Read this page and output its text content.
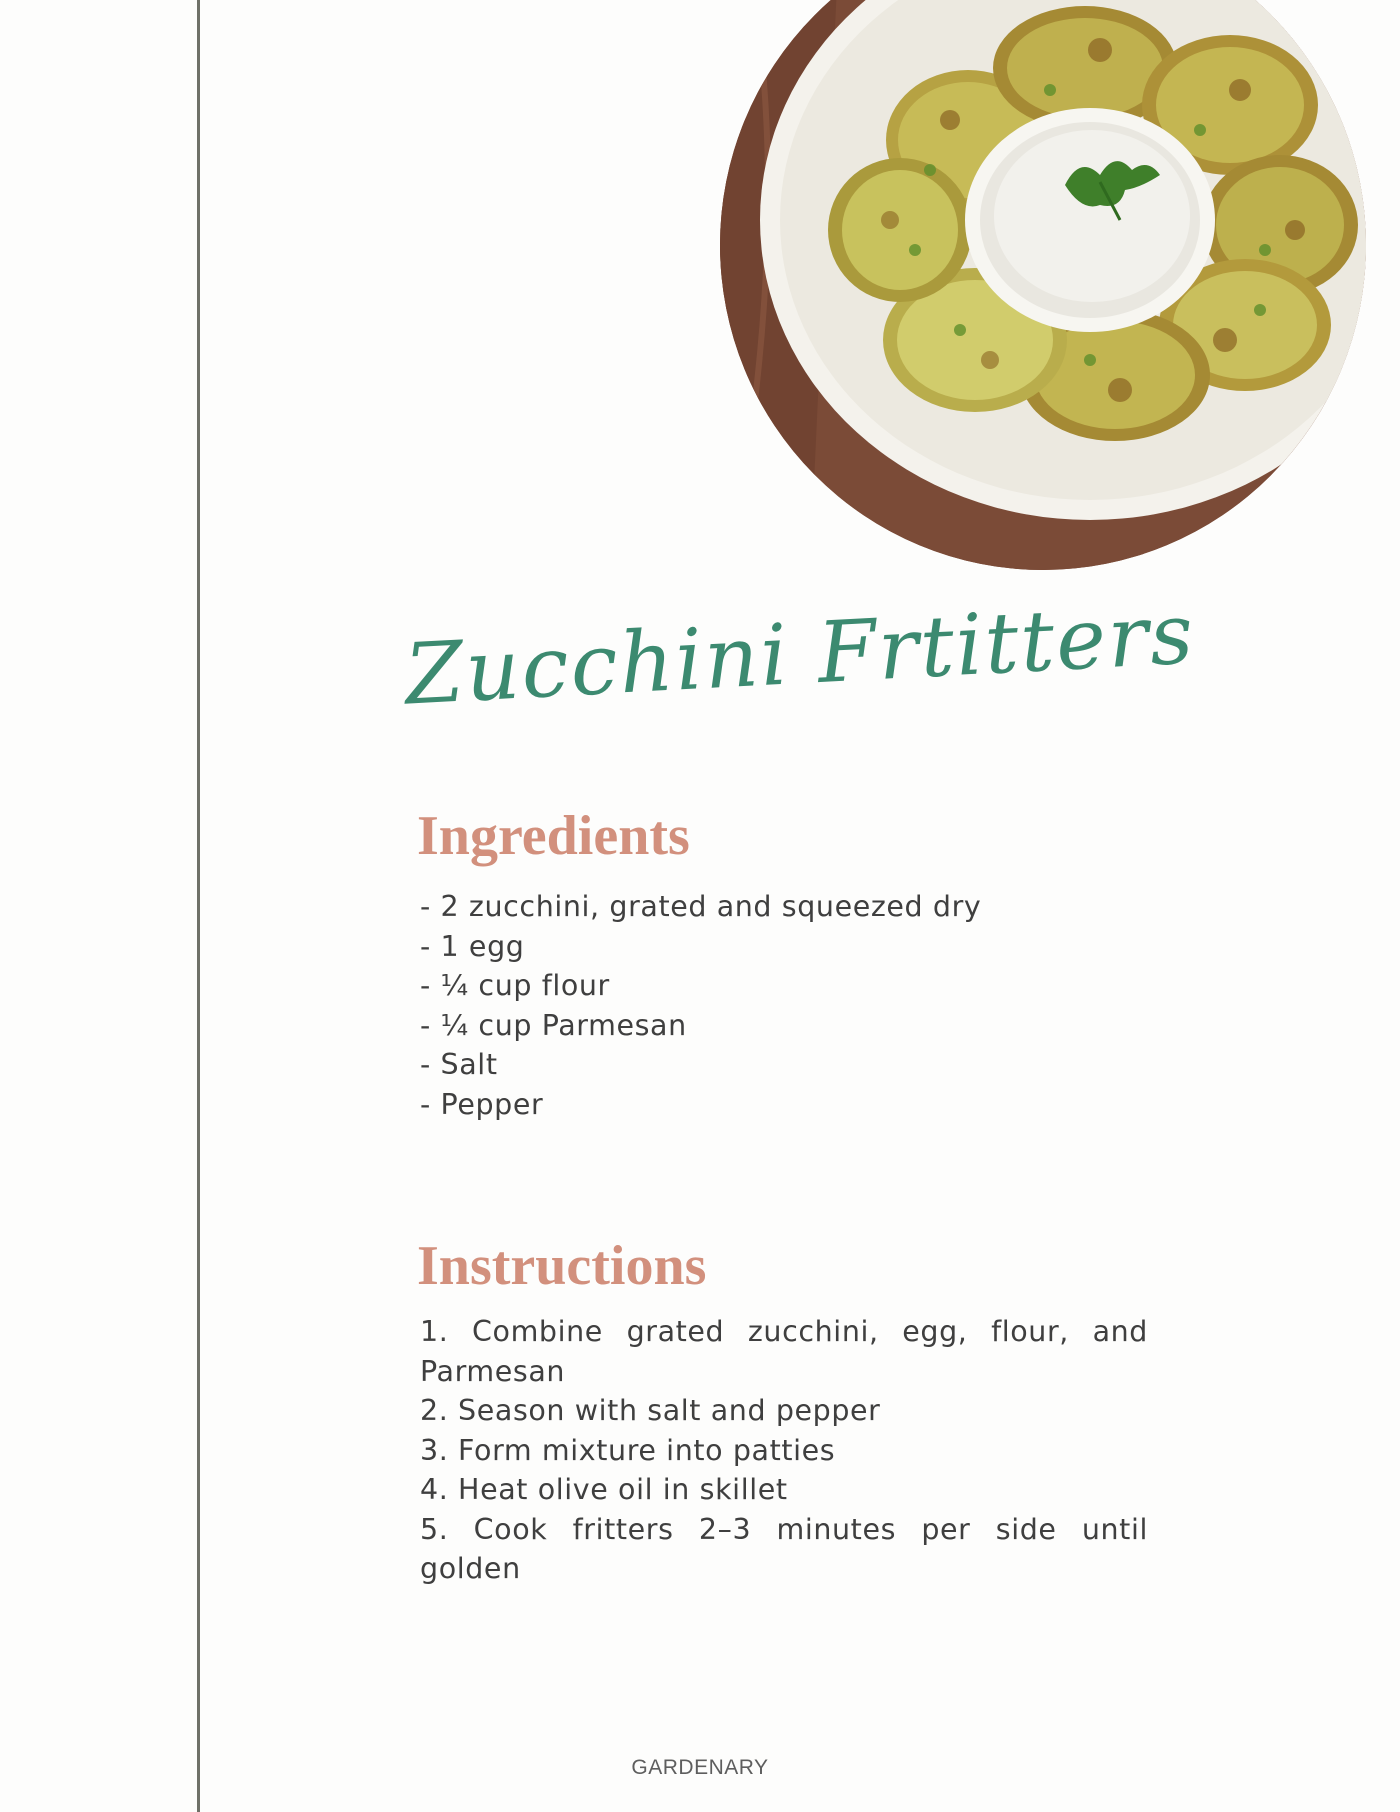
Zucchini Frtitters
Ingredients
- 2 zucchini, grated and squeezed dry
- 1 egg
- ¼ cup flour
- ¼ cup Parmesan
- Salt
- Pepper
Instructions
1. Combine grated zucchini, egg, flour, and Parmesan
2. Season with salt and pepper
3. Form mixture into patties
4. Heat olive oil in skillet
5. Cook fritters 2–3 minutes per side until golden
GARDENARY
